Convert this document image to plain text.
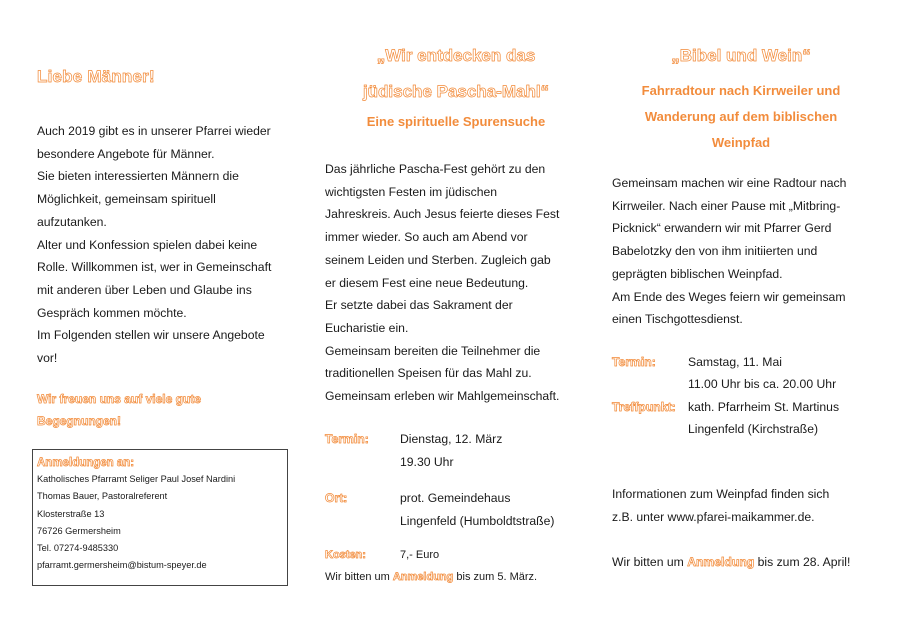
Liebe Männer!
Auch 2019 gibt es in unserer Pfarrei wieder
besondere Angebote für Männer.
Sie bieten interessierten Männern die
Möglichkeit, gemeinsam spirituell
aufzutanken.
Alter und Konfession spielen dabei keine
Rolle. Willkommen ist, wer in Gemeinschaft
mit anderen über Leben und Glaube ins
Gespräch kommen möchte.
Im Folgenden stellen wir unsere Angebote
vor!
Wir freuen uns auf viele gute
Begegnungen!
Anmeldungen an:
Katholisches Pfarramt Seliger Paul Josef Nardini
Thomas Bauer, Pastoralreferent
Klosterstraße 13
76726 Germersheim
Tel. 07274-9485330
pfarramt.germersheim@bistum-speyer.de
„Wir entdecken das
jüdische Pascha-Mahl“
Eine spirituelle Spurensuche
Das jährliche Pascha-Fest gehört zu den
wichtigsten Festen im jüdischen
Jahreskreis. Auch Jesus feierte dieses Fest
immer wieder. So auch am Abend vor
seinem Leiden und Sterben. Zugleich gab
er diesem Fest eine neue Bedeutung.
Er setzte dabei das Sakrament der
Eucharistie ein.
Gemeinsam bereiten die Teilnehmer die
traditionellen Speisen für das Mahl zu.
Gemeinsam erleben wir Mahlgemeinschaft.
Termin:	Dienstag, 12. März
19.30 Uhr
Ort:	prot. Gemeindehaus
Lingenfeld (Humboldtstraße)
Kosten:	7,- Euro
Wir bitten um Anmeldung bis zum 5. März.
„Bibel und Wein“
Fahrradtour nach Kirrweiler und
Wanderung auf dem biblischen
Weinpfad
Gemeinsam machen wir eine Radtour nach
Kirrweiler. Nach einer Pause mit „Mitbring-
Picknick“ erwandern wir mit Pfarrer Gerd
Babelotzky den von ihm initiierten und
geprägten biblischen Weinpfad.
Am Ende des Weges feiern wir gemeinsam
einen Tischgottesdienst.
Termin:	Samstag, 11. Mai
11.00 Uhr bis ca. 20.00 Uhr
Treffpunkt: kath. Pfarrheim St. Martinus
Lingenfeld (Kirchstraße)
Informationen zum Weinpfad finden sich
z.B. unter www.pfarei-maikammer.de.
Wir bitten um Anmeldung bis zum 28. April!
